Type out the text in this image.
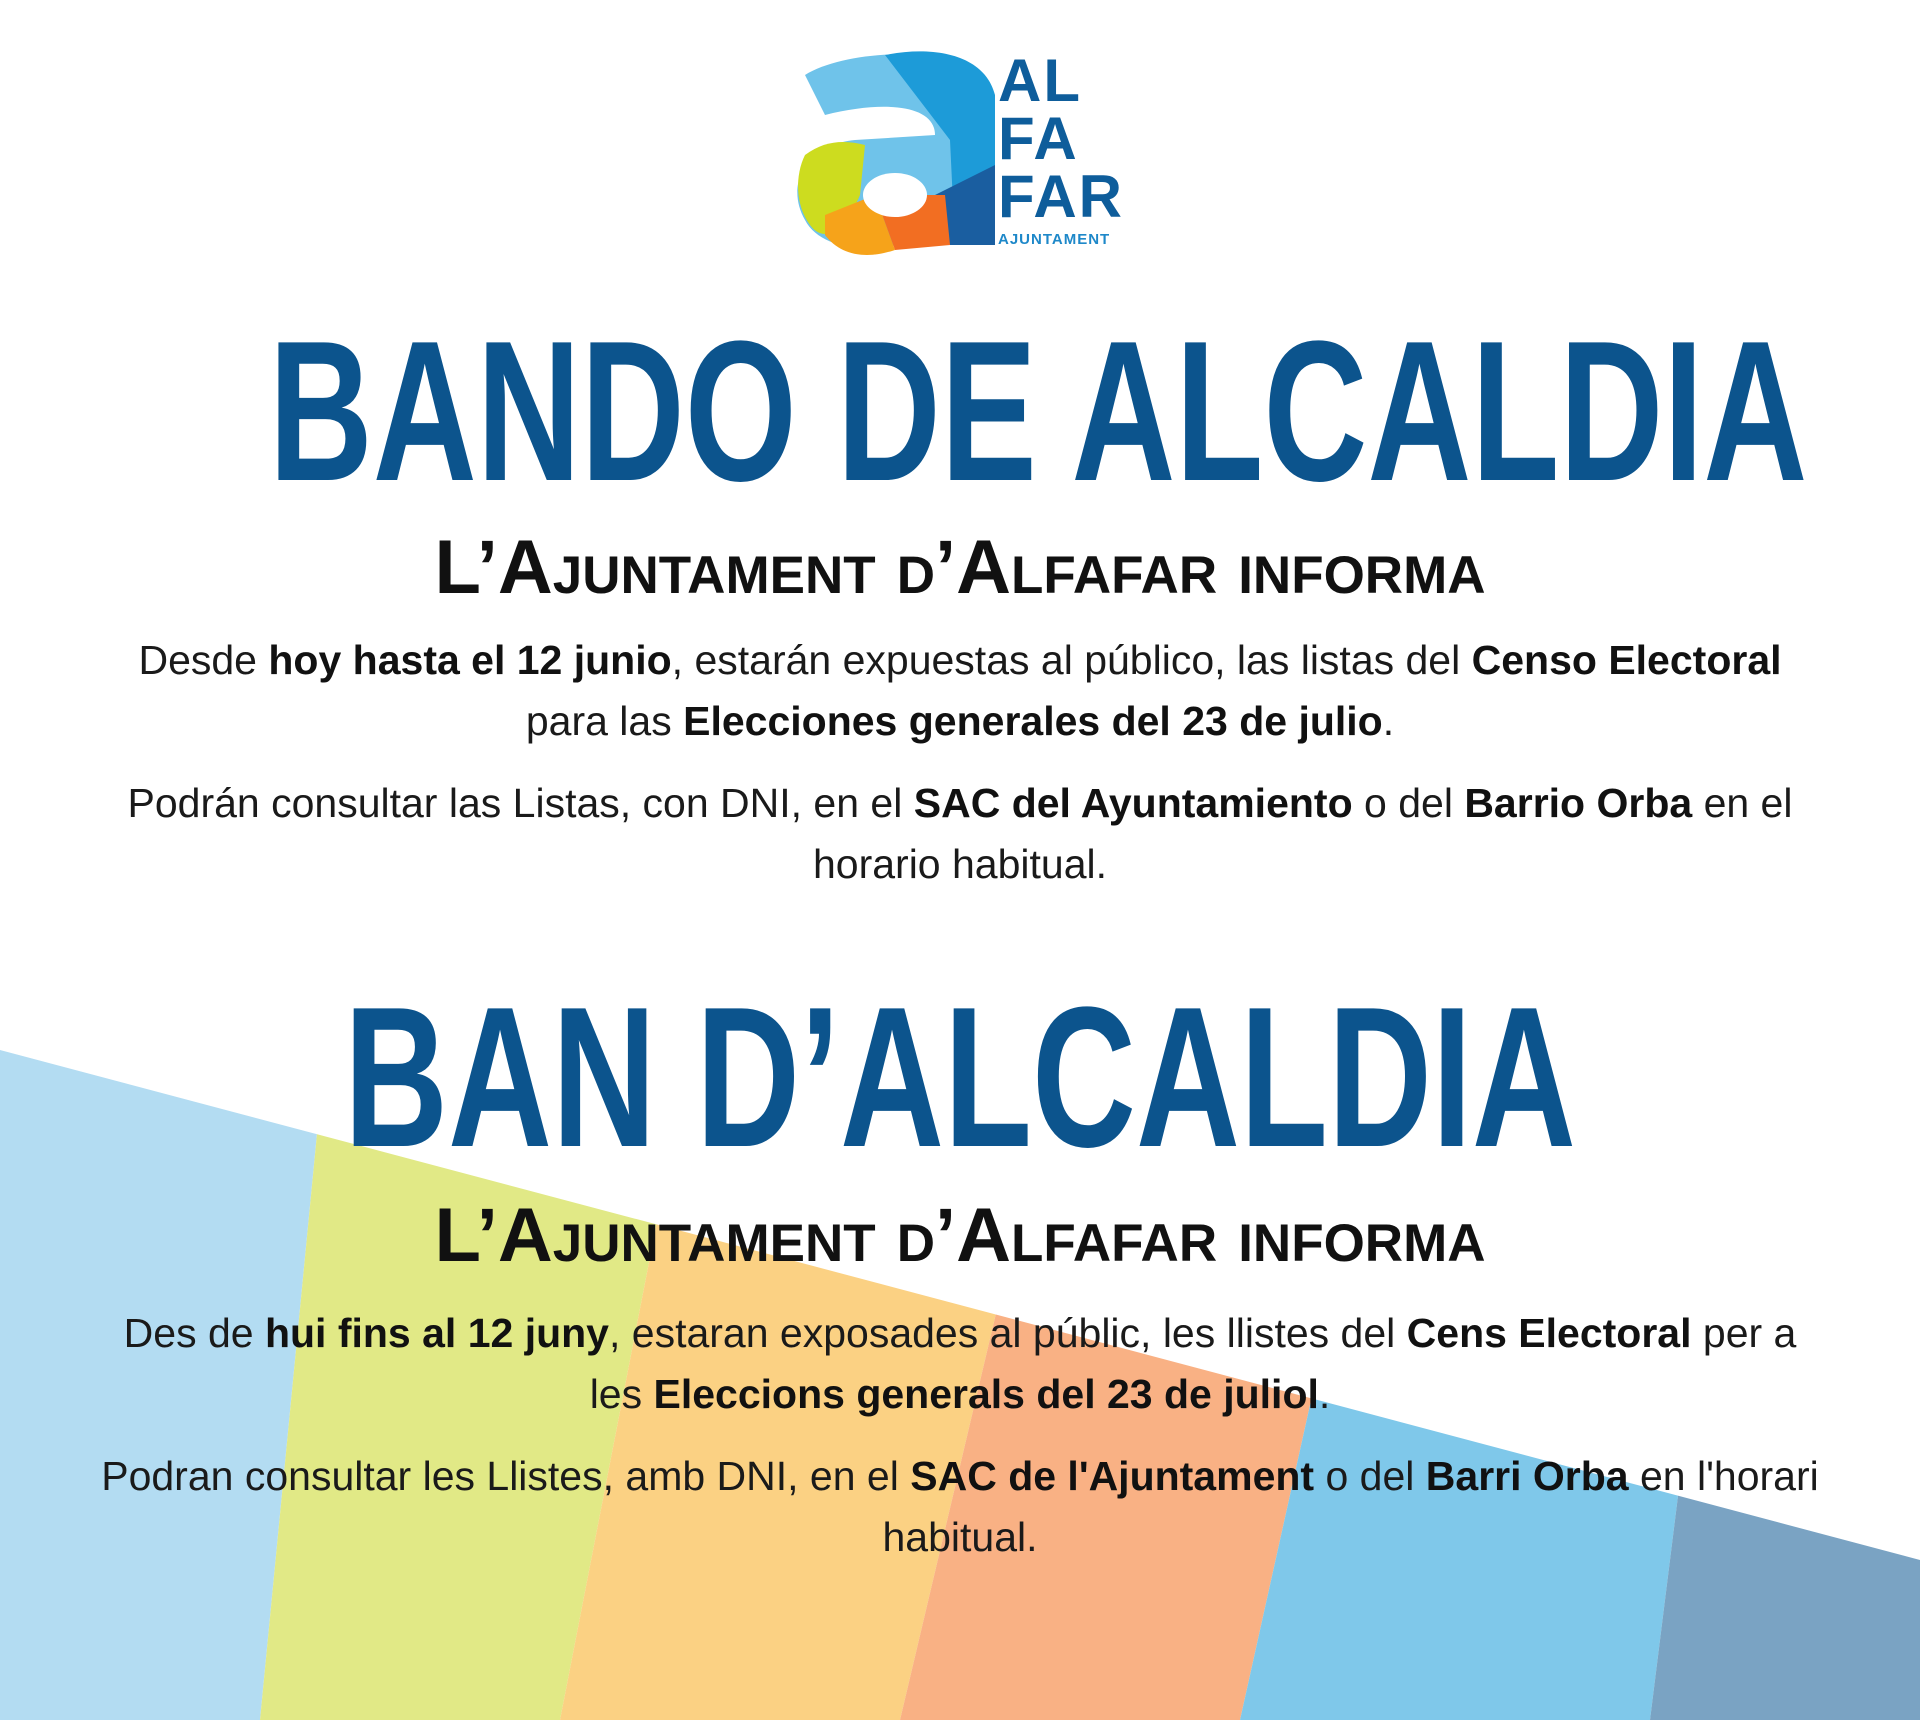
AL
FA
FAR
AJUNTAMENT
BANDO DE ALCALDIA
L’Ajuntament d’Alfafar informa
Desde hoy hasta el 12 junio, estarán expuestas al público, las listas del Censo Electoral para las Elecciones generales del 23 de julio.
Podrán consultar las Listas, con DNI, en el SAC del Ayuntamiento o del Barrio Orba en el horario habitual.
BAN D’ALCALDIA
L’Ajuntament d’Alfafar informa
Des de hui fins al 12 juny, estaran exposades al públic, les llistes del Cens Electoral per a les Eleccions generals del 23 de juliol.
Podran consultar les Llistes, amb DNI, en el SAC de l'Ajuntament o del Barri Orba en l'horari habitual.
